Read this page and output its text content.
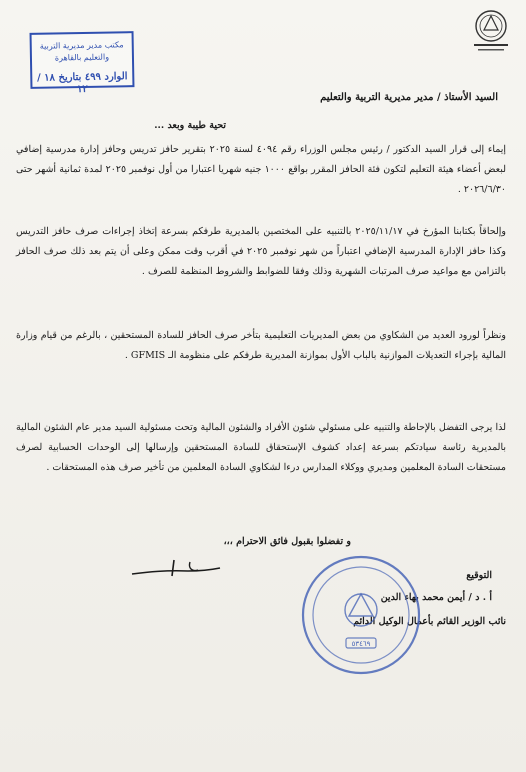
مكتب مدير مديرية التربية والتعليم بالقاهرة
الوارد ٤٩٩ بتاريخ ١٨ / ١٢
السيد الأستاذ / مدير مديرية التربية والتعليم
تحية طيبة وبعد ...
إيماء إلى قرار السيد الدكتور / رئيس مجلس الوزراء رقم ٤٠٩٤ لسنة ٢٠٢٥ بتقرير حافز تدريس وحافز إدارة مدرسية إضافي لبعض أعضاء هيئة التعليم لتكون فئة الحافز المقرر بواقع ١٠٠٠ جنيه شهريا اعتبارا من أول نوفمبر ٢٠٢٥ لمدة ثمانية أشهر حتى ٢٠٢٦/٦/٣٠ .
وإلحاقاً بكتابنا المؤرخ في ٢٠٢٥/١١/١٧ بالتنبيه على المختصين بالمديرية طرفكم بسرعة إتخاذ إجراءات صرف حافز التدريس وكذا حافز الإدارة المدرسية الإضافي اعتباراً من شهر نوفمبر ٢٠٢٥ في أقرب وقت ممكن وعلى أن يتم بعد ذلك صرف الحافز بالتزامن مع مواعيد صرف المرتبات الشهرية وذلك وفقا للضوابط والشروط المنظمة للصرف .
ونظراً لورود العديد من الشكاوي من بعض المديريات التعليمية بتأخر صرف الحافز للسادة المستحقين ، بالرغم من قيام وزارة المالية بإجراء التعديلات الموازنية بالباب الأول بموازنة المديرية طرفكم على منظومة الـ GFMIS .
لذا يرجى التفضل بالإحاطة والتنبيه على مسئولي شئون الأفراد والشئون المالية وتحت مسئولية السيد مدير عام الشئون المالية بالمديرية رئاسة سيادتكم بسرعة إعداد كشوف الإستحقاق للسادة المستحقين وإرسالها إلى الوحدات الحسابية لصرف مستحقات السادة المعلمين ومديري ووكلاء المدارس درءا لشكاوي السادة المعلمين من تأخير صرف هذه المستحقات .
و تفضلوا بقبول فائق الاحترام ،،،
التوقيع
أ . د / أيمن محمد بهاء الدين
نائب الوزير القائم بأعمال الوكيل الدائم
٥٣٤٦٩
